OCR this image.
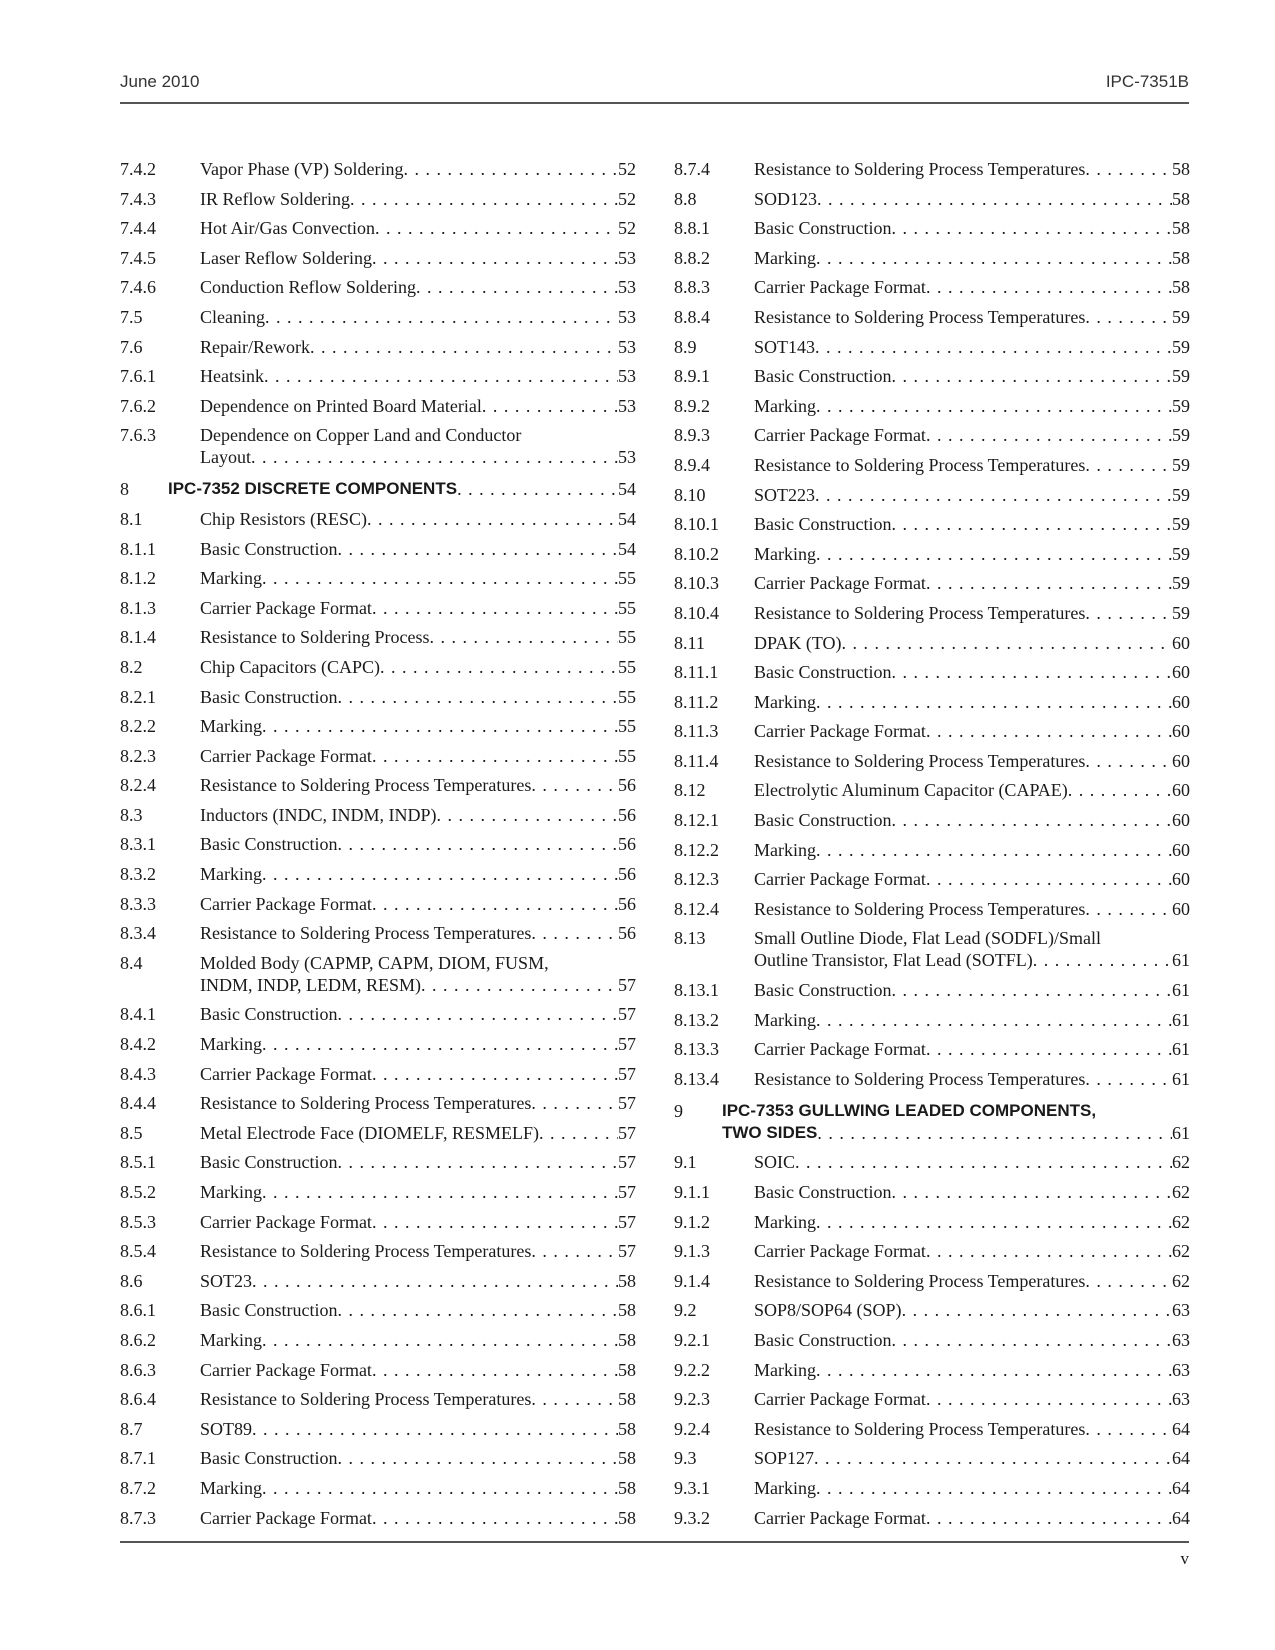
June 2010	IPC-7351B
7.4.2 Vapor Phase (VP) Soldering . . .	52
7.4.3 IR Reflow Soldering . . .	52
7.4.4 Hot Air/Gas Convection . . .	52
7.4.5 Laser Reflow Soldering . . .	53
7.4.6 Conduction Reflow Soldering . . .	53
7.5	Cleaning . . .	53
7.6	Repair/Rework . . .	53
7.6.1 Heatsink . . .	53
7.6.2 Dependence on Printed Board Material . . .	53
7.6.3 Dependence on Copper Land and Conductor
Layout . . .	53
8 IPC-7352 DISCRETE COMPONENTS . . .	54
8.1	Chip Resistors (RESC) . . .	54
8.1.1 Basic Construction . . .	54
8.1.2 Marking . . .	55
8.1.3 Carrier Package Format . . .	55
8.1.4 Resistance to Soldering Process . . .	55
8.2	Chip Capacitors (CAPC) . . .	55
8.2.1 Basic Construction . . .	55
8.2.2 Marking . . .	55
8.2.3 Carrier Package Format . . .	55
8.2.4 Resistance to Soldering Process Temperatures . . .	56
8.3	Inductors (INDC, INDM, INDP) . . .	56
8.3.1 Basic Construction . . .	56
8.3.2 Marking . . .	56
8.3.3 Carrier Package Format . . .	56
8.3.4 Resistance to Soldering Process Temperatures . . .	56
8.4	Molded Body (CAPMP, CAPM, DIOM, FUSM,
INDM, INDP, LEDM, RESM) . . .	57
8.4.1 Basic Construction . . .	57
8.4.2 Marking . . .	57
8.4.3 Carrier Package Format . . .	57
8.4.4 Resistance to Soldering Process Temperatures . . .	57
8.5	Metal Electrode Face (DIOMELF, RESMELF) . . .	57
8.5.1 Basic Construction . . .	57
8.5.2 Marking . . .	57
8.5.3 Carrier Package Format . . .	57
8.5.4 Resistance to Soldering Process Temperatures . . .	57
8.6	SOT23 . . .	58
8.6.1 Basic Construction . . .	58
8.6.2 Marking . . .	58
8.6.3 Carrier Package Format . . .	58
8.6.4 Resistance to Soldering Process Temperatures . . .	58
8.7	SOT89 . . .	58
8.7.1 Basic Construction . . .	58
8.7.2 Marking . . .	58
8.7.3 Carrier Package Format . . .	58
8.7.4 Resistance to Soldering Process Temperatures . . .	58
8.8	SOD123 . . .	58
8.8.1 Basic Construction . . .	58
8.8.2 Marking . . .	58
8.8.3 Carrier Package Format . . .	58
8.8.4 Resistance to Soldering Process Temperatures . . .	59
8.9	SOT143 . . .	59
8.9.1 Basic Construction . . .	59
8.9.2 Marking . . .	59
8.9.3 Carrier Package Format . . .	59
8.9.4 Resistance to Soldering Process Temperatures . . .	59
8.10	SOT223 . . .	59
8.10.1 Basic Construction . . .	59
8.10.2 Marking . . .	59
8.10.3 Carrier Package Format . . .	59
8.10.4 Resistance to Soldering Process Temperatures . . .	59
8.11	DPAK (TO) . . .	60
8.11.1 Basic Construction . . .	60
8.11.2 Marking . . .	60
8.11.3 Carrier Package Format . . .	60
8.11.4 Resistance to Soldering Process Temperatures . . .	60
8.12	Electrolytic Aluminum Capacitor (CAPAE) . . .	60
8.12.1 Basic Construction . . .	60
8.12.2 Marking . . .	60
8.12.3 Carrier Package Format . . .	60
8.12.4 Resistance to Soldering Process Temperatures . . .	60
8.13	Small Outline Diode, Flat Lead (SODFL)/Small
Outline Transistor, Flat Lead (SOTFL) . . .	61
8.13.1 Basic Construction . . .	61
8.13.2 Marking . . .	61
8.13.3 Carrier Package Format . . .	61
8.13.4 Resistance to Soldering Process Temperatures . . .	61
9 IPC-7353 GULLWING LEADED COMPONENTS,
TWO SIDES . . .	61
9.1	SOIC . . .	62
9.1.1 Basic Construction . . .	62
9.1.2 Marking . . .	62
9.1.3 Carrier Package Format . . .	62
9.1.4 Resistance to Soldering Process Temperatures . . .	62
9.2	SOP8/SOP64 (SOP) . . .	63
9.2.1 Basic Construction . . .	63
9.2.2 Marking . . .	63
9.2.3 Carrier Package Format . . .	63
9.2.4 Resistance to Soldering Process Temperatures . . .	64
9.3	SOP127 . . .	64
9.3.1 Marking . . .	64
9.3.2 Carrier Package Format . . .	64
v
